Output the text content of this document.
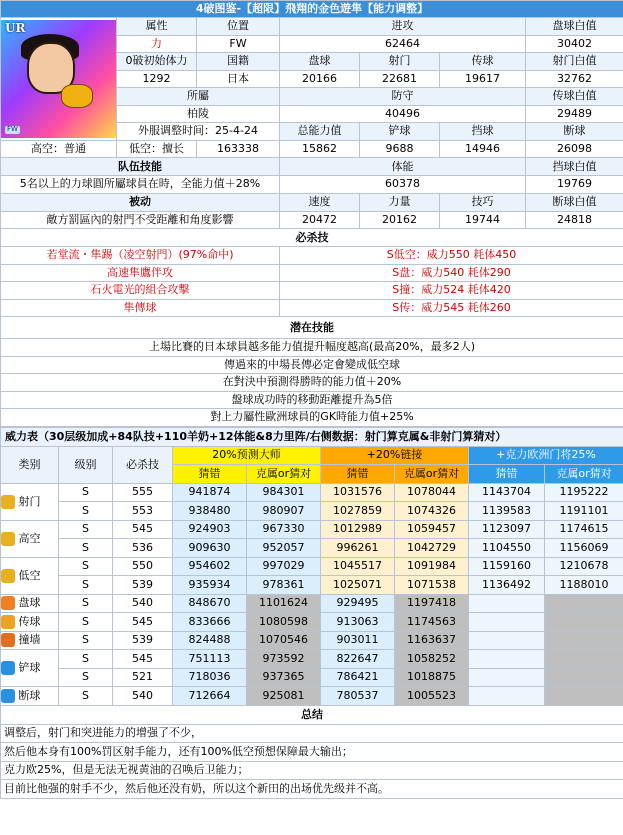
4破图鉴-【超限】飛翔的金色遊隼【能力调整】							

UR
FW	属性	位置	进攻			盘球白值	
	力	FW	62464			30402	
	0破初始体力	国籍	盘球	射门	传球	射门白值	
	1292	日本	20166	22681	19617	32762	
	所屬		防守			传球白值	
	柏陵		40496			29489	
	外服调整时间：25-4-24		总能力值	铲球	挡球	断球	
高空：普通	低空：擅长	163338	15862	9688	14946	26098	
队伍技能			体能			挡球白值	
5名以上的力球圓所屬球員在時，全能力值＋28%			60378			19769	
被动			速度	力量	技巧	断球白值	
敵方罰區內的射門不受距離和角度影響			20472	20162	19744	24818	
必杀技							
若堂流・隼踢（凌空射門）(97%命中)			S低空：威力550 耗体450				
高速隼鷹伴攻			S盘：威力540 耗体290				
石火電光的組合攻擊			S撞：威力524 耗体420				
隼傳球			S传：威力545 耗体260				
潜在技能							
上場比賽的日本球員越多能力值提升幅度越高(最高20%，最多2人)							
傳過來的中場長傳必定會變成低空球							
在對決中預測得勝時的能力值＋20%							
盤球成功時的移動距離提升為5倍							
對上力屬性歐洲球員的GK時能力值+25%							
威力表（30层级加成+84队技+110羊奶+12体能&8力里阵/右侧数据：射门算克属&非射门算猜对）								
类别	级别	必杀技	20%预测大师		+20%链接		+克力欧洲门将25%	
			猜错	克属or猜对	猜错	克属or猜对	猜错	克属or猜对
射门	S	555	941874	984301	1031576	1078044	1143704	1195222
	S	553	938480	980907	1027859	1074326	1139583	1191101
高空	S	545	924903	967330	1012989	1059457	1123097	1174615
	S	536	909630	952057	996261	1042729	1104550	1156069
低空	S	550	954602	997029	1045517	1091984	1159160	1210678
	S	539	935934	978361	1025071	1071538	1136492	1188010
盘球	S	540	848670	1101624	929495	1197418		
传球	S	545	833666	1080598	913063	1174563		
撞墙	S	539	824488	1070546	903011	1163637		
铲球	S	545	751113	973592	822647	1058252		
	S	521	718036	937365	786421	1018875		
断球	S	540	712664	925081	780537	1005523		
总结								
调整后，射门和突进能力的增强了不少，								
然后他本身有100%罚区射手能力，还有100%低空预想保障最大输出；								
克力欧25%，但是无法无视黄油的召唤后卫能力；								
目前比他强的射手不少，然后他还没有奶，所以这个新田的出场优先级并不高。								
